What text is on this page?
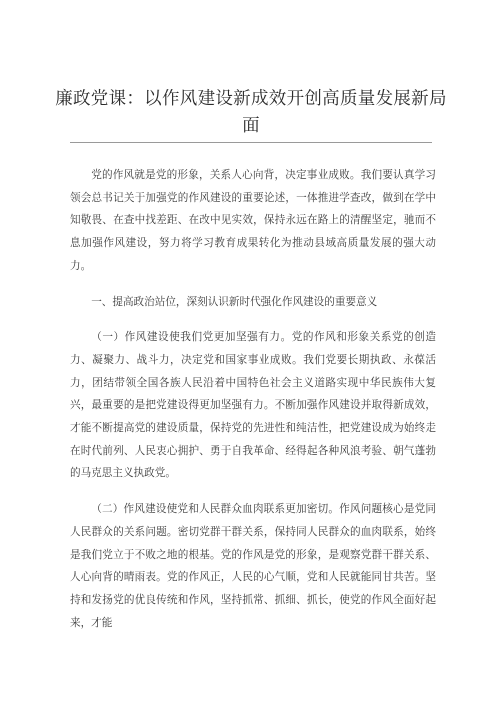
廉政党课：以作风建设新成效开创高质量发展新局面

党的作风就是党的形象，关系人心向背，决定事业成败。我们要认真学习领会总书记关于加强党的作风建设的重要论述，一体推进学查改，做到在学中知敬畏、在查中找差距、在改中见实效，保持永远在路上的清醒坚定，驰而不息加强作风建设，努力将学习教育成果转化为推动县域高质量发展的强大动力。

一、提高政治站位，深刻认识新时代强化作风建设的重要意义

（一）作风建设使我们党更加坚强有力。党的作风和形象关系党的创造力、凝聚力、战斗力，决定党和国家事业成败。我们党要长期执政、永葆活力，团结带领全国各族人民沿着中国特色社会主义道路实现中华民族伟大复兴，最重要的是把党建设得更加坚强有力。不断加强作风建设并取得新成效，才能不断提高党的建设质量，保持党的先进性和纯洁性，把党建设成为始终走在时代前列、人民衷心拥护、勇于自我革命、经得起各种风浪考验、朝气蓬勃的马克思主义执政党。

（二）作风建设使党和人民群众血肉联系更加密切。作风问题核心是党同人民群众的关系问题。密切党群干群关系，保持同人民群众的血肉联系，始终是我们党立于不败之地的根基。党的作风是党的形象，是观察党群干群关系、人心向背的晴雨表。党的作风正，人民的心气顺，党和人民就能同甘共苦。坚持和发扬党的优良传统和作风，坚持抓常、抓细、抓长，使党的作风全面好起来，才能
